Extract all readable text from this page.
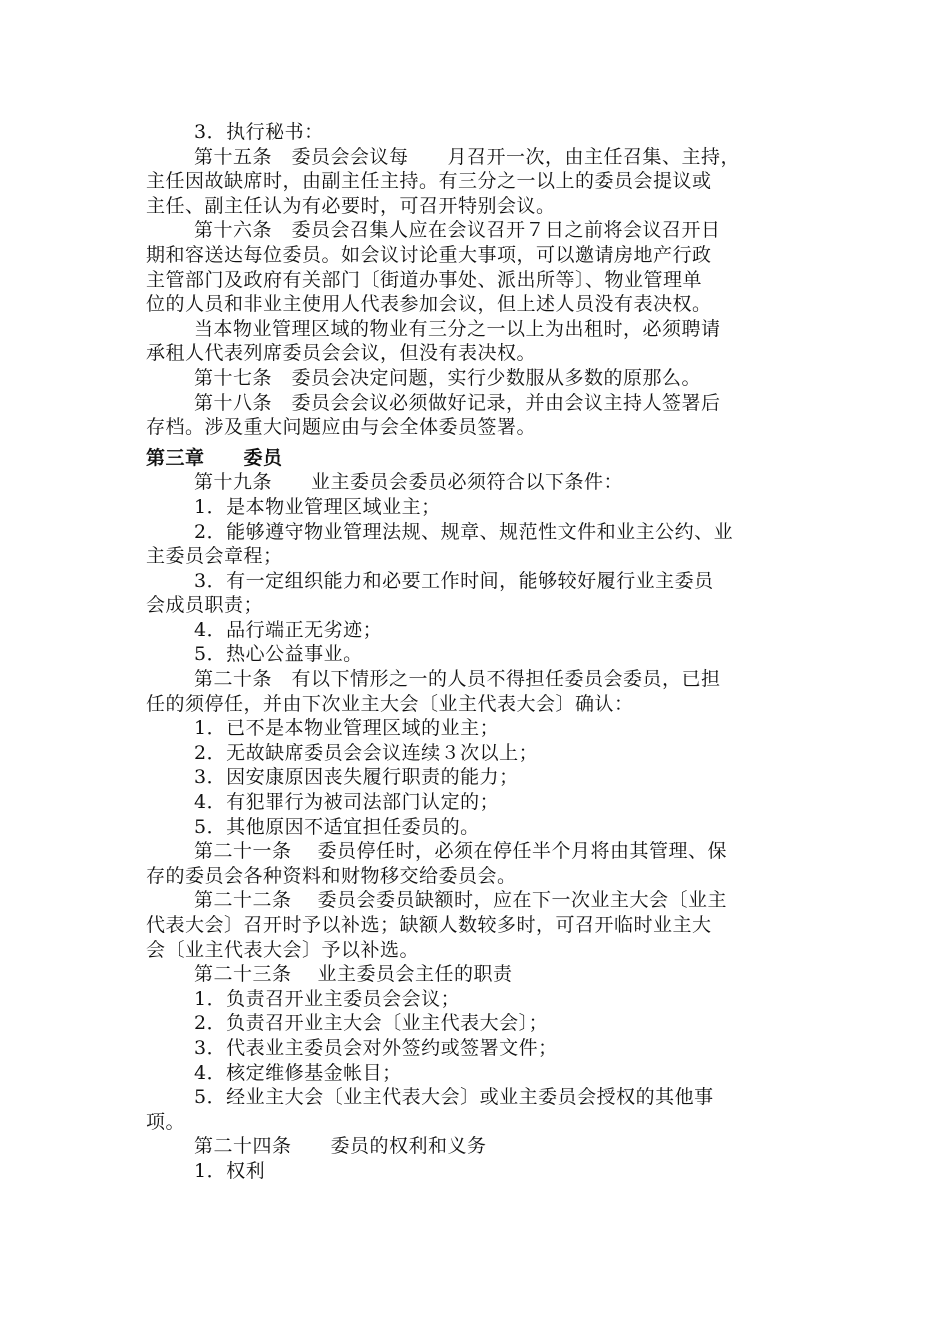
3．执行秘书：
第十五条　委员会会议每　　月召开一次，由主任召集、主持，
主任因故缺席时，由副主任主持。有三分之一以上的委员会提议或
主任、副主任认为有必要时，可召开特别会议。
第十六条　委员会召集人应在会议召开７日之前将会议召开日
期和容送达每位委员。如会议讨论重大事项，可以邀请房地产行政
主管部门及政府有关部门〔街道办事处、派出所等〕、物业管理单
位的人员和非业主使用人代表参加会议，但上述人员没有表决权。
当本物业管理区域的物业有三分之一以上为出租时，必须聘请
承租人代表列席委员会会议，但没有表决权。
第十七条　委员会决定问题，实行少数服从多数的原那么。
第十八条　委员会会议必须做好记录，并由会议主持人签署后
存档。涉及重大问题应由与会全体委员签署。
第三章　　委员
第十九条　　业主委员会委员必须符合以下条件：
1．是本物业管理区域业主；
2．能够遵守物业管理法规、规章、规范性文件和业主公约、业
主委员会章程；
3．有一定组织能力和必要工作时间，能够较好履行业主委员
会成员职责；
4．品行端正无劣迹；
5．热心公益事业。
第二十条　有以下情形之一的人员不得担任委员会委员，已担
任的须停任，并由下次业主大会〔业主代表大会〕确认：
1．已不是本物业管理区域的业主；
2．无故缺席委员会会议连续３次以上；
3．因安康原因丧失履行职责的能力；
4．有犯罪行为被司法部门认定的；
5．其他原因不适宜担任委员的。
第二十一条　 委员停任时，必须在停任半个月将由其管理、保
存的委员会各种资料和财物移交给委员会。
第二十二条　 委员会委员缺额时，应在下一次业主大会〔业主
代表大会〕召开时予以补选；缺额人数较多时，可召开临时业主大
会〔业主代表大会〕予以补选。
第二十三条　 业主委员会主任的职责
1．负责召开业主委员会会议；
2．负责召开业主大会〔业主代表大会〕；
3．代表业主委员会对外签约或签署文件；
4．核定维修基金帐目；
5．经业主大会〔业主代表大会〕或业主委员会授权的其他事
项。
第二十四条　　委员的权利和义务
1．权利
